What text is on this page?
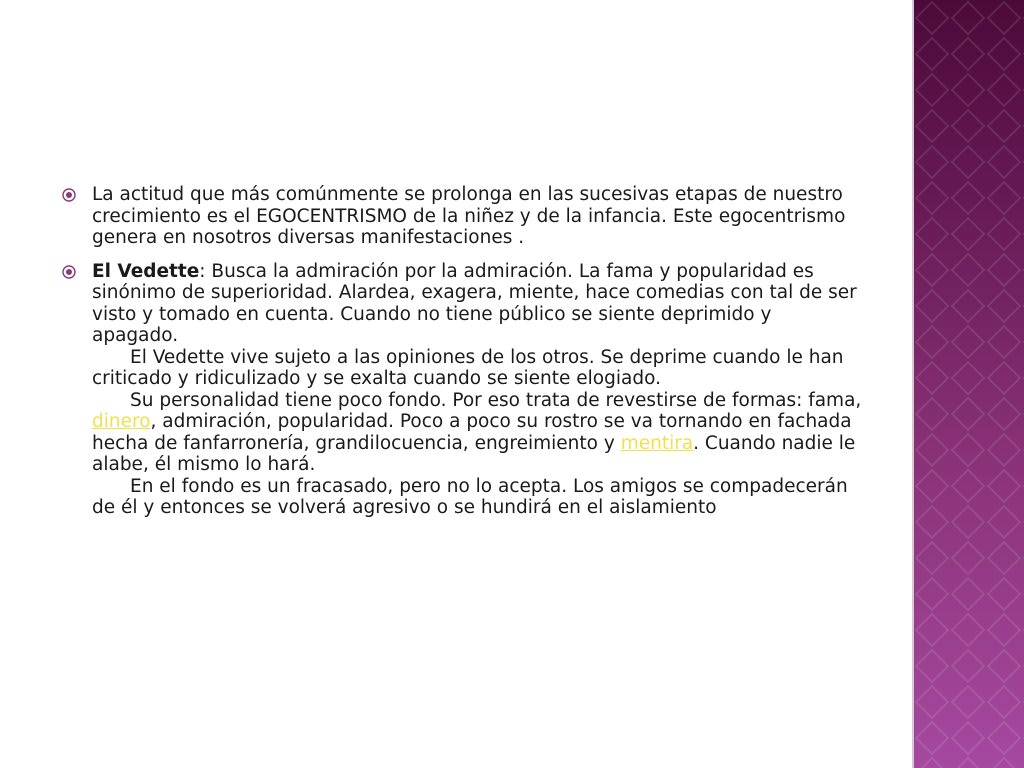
La actitud que más comúnmente se prolonga en las sucesivas etapas de nuestro crecimiento es el EGOCENTRISMO de la niñez y de la infancia. Este egocentrismo genera en nosotros diversas manifestaciones .

El Vedette: Busca la admiración por la admiración. La fama y popularidad es sinónimo de superioridad. Alardea, exagera, miente, hace comedias con tal de ser visto y tomado en cuenta. Cuando no tiene público se siente deprimido y apagado.

El Vedette vive sujeto a las opiniones de los otros. Se deprime cuando le han criticado y ridiculizado y se exalta cuando se siente elogiado.

Su personalidad tiene poco fondo. Por eso trata de revestirse de formas: fama, dinero, admiración, popularidad. Poco a poco su rostro se va tornando en fachada hecha de fanfarronería, grandilocuencia, engreimiento y mentira. Cuando nadie le alabe, él mismo lo hará.

En el fondo es un fracasado, pero no lo acepta. Los amigos se compadecerán de él y entonces se volverá agresivo o se hundirá en el aislamiento
